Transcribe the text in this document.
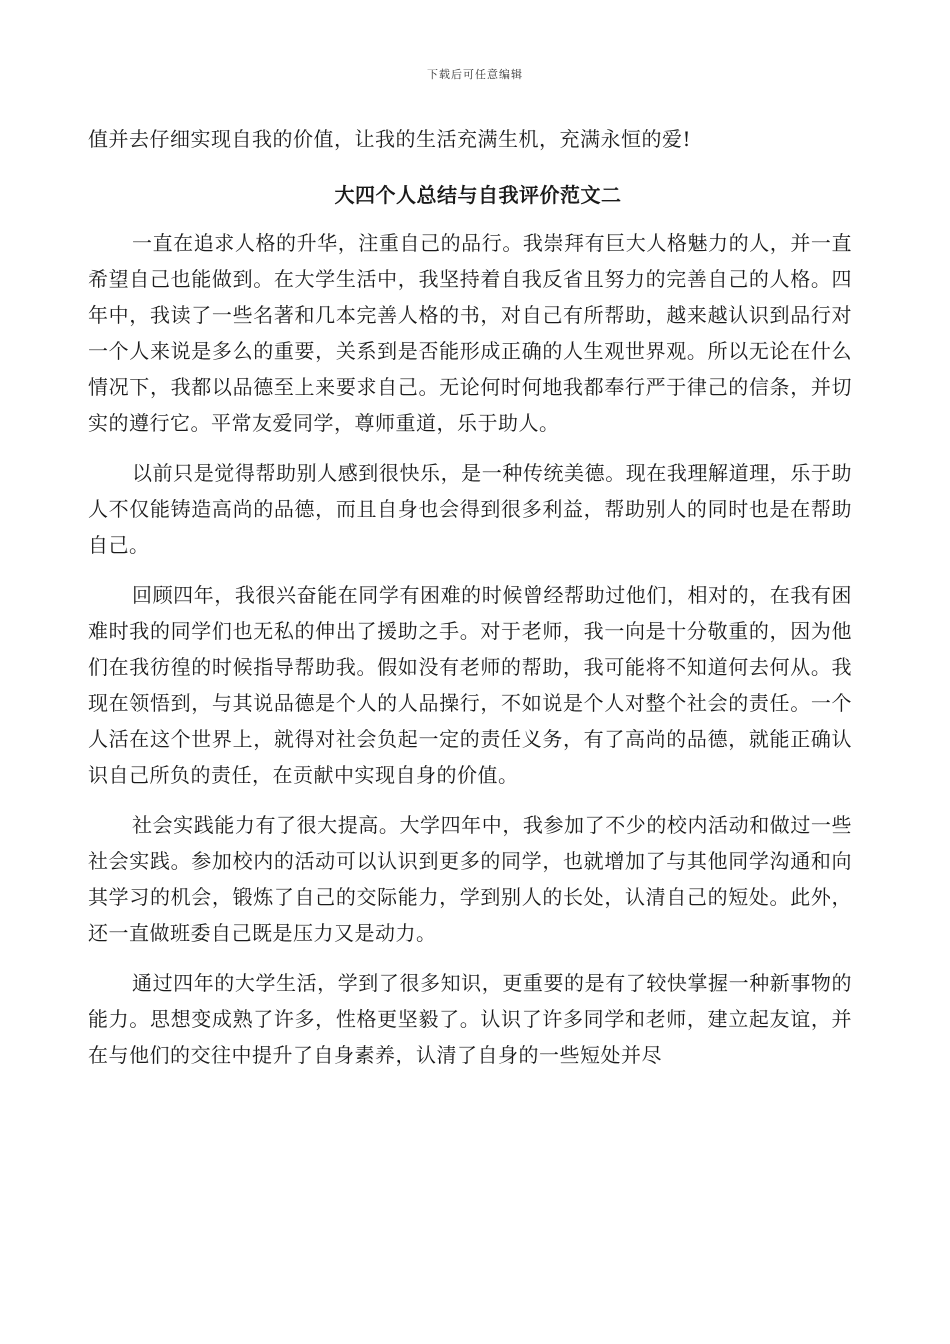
下载后可任意编辑

值并去仔细实现自我的价值，让我的生活充满生机，充满永恒的爱!

大四个人总结与自我评价范文二

一直在追求人格的升华，注重自己的品行。我崇拜有巨大人格魅力的人，并一直希望自己也能做到。在大学生活中，我坚持着自我反省且努力的完善自己的人格。四年中，我读了一些名著和几本完善人格的书，对自己有所帮助，越来越认识到品行对一个人来说是多么的重要，关系到是否能形成正确的人生观世界观。所以无论在什么情况下，我都以品德至上来要求自己。无论何时何地我都奉行严于律己的信条，并切实的遵行它。平常友爱同学，尊师重道，乐于助人。

以前只是觉得帮助别人感到很快乐，是一种传统美德。现在我理解道理，乐于助人不仅能铸造高尚的品德，而且自身也会得到很多利益，帮助别人的同时也是在帮助自己。

回顾四年，我很兴奋能在同学有困难的时候曾经帮助过他们，相对的，在我有困难时我的同学们也无私的伸出了援助之手。对于老师，我一向是十分敬重的，因为他们在我彷徨的时候指导帮助我。假如没有老师的帮助，我可能将不知道何去何从。我现在领悟到，与其说品德是个人的人品操行，不如说是个人对整个社会的责任。一个人活在这个世界上，就得对社会负起一定的责任义务，有了高尚的品德，就能正确认识自己所负的责任，在贡献中实现自身的价值。

社会实践能力有了很大提高。大学四年中，我参加了不少的校内活动和做过一些社会实践。参加校内的活动可以认识到更多的同学，也就增加了与其他同学沟通和向其学习的机会，锻炼了自己的交际能力，学到别人的长处，认清自己的短处。此外，还一直做班委自己既是压力又是动力。

通过四年的大学生活，学到了很多知识，更重要的是有了较快掌握一种新事物的能力。思想变成熟了许多，性格更坚毅了。认识了许多同学和老师，建立起友谊，并在与他们的交往中提升了自身素养，认清了自身的一些短处并尽
